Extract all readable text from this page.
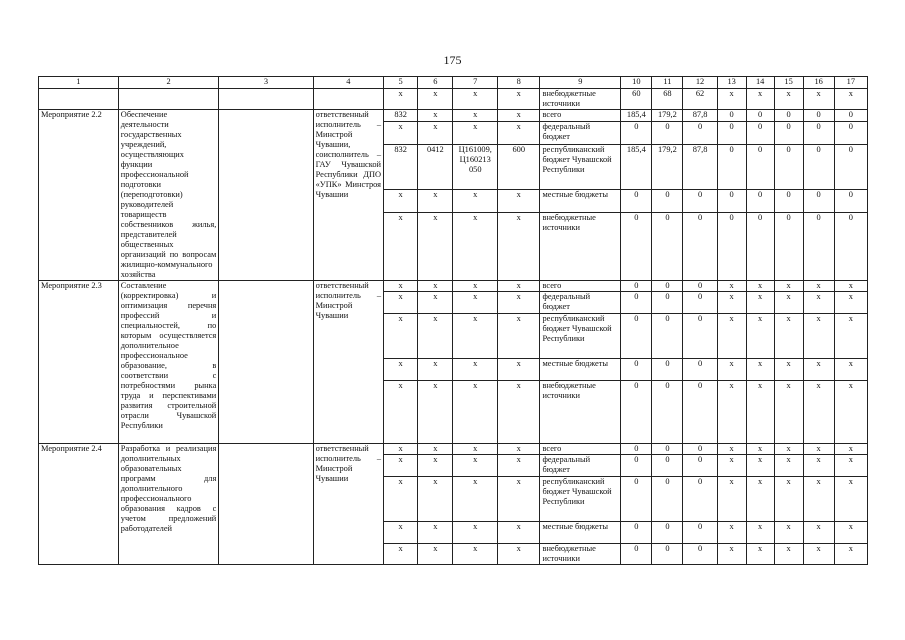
175
1	2	3	4	5	6	7	8	9	10	11	12	13	14	15	16	17
				x	x	x	x	внебюджетные источники	60	68	62	x	x	x	x	x
Мероприятие 2.2	Обеспечение деятельности государственных учреждений, осуществляющих функции профессиональной подготовки (переподготовки) руководителей товариществ собственников жилья, представителей общественных организаций по вопросам жилищно-коммунального хозяйства		ответственный исполнитель – Минстрой Чувашии, соисполнитель – ГАУ Чувашской Республики ДПО «УПК» Минстроя Чувашии	832	x	x	x	всего	185,4	179,2	87,8	0	0	0	0	0
				x	x	x	x	федеральный бюджет	0	0	0	0	0	0	0	0
				832	0412	Ц161009, Ц160213 050	600	республиканский бюджет Чувашской Республики	185,4	179,2	87,8	0	0	0	0	0
				x	x	x	x	местные бюджеты	0	0	0	0	0	0	0	0
				x	x	x	x	внебюджетные источники	0	0	0	0	0	0	0	0
Мероприятие 2.3	Составление (корректировка) и оптимизация перечня профессий и специальностей, по которым осуществляется дополнительное профессиональное образование, в соответствии с потребностями рынка труда и перспективами развития строительной отрасли Чувашской Республики		ответственный исполнитель – Минстрой Чувашии	x	x	x	x	всего	0	0	0	x	x	x	x	x
				x	x	x	x	федеральный бюджет	0	0	0	x	x	x	x	x
				x	x	x	x	республиканский бюджет Чувашской Республики	0	0	0	x	x	x	x	x
				x	x	x	x	местные бюджеты	0	0	0	x	x	x	x	x
				x	x	x	x	внебюджетные источники	0	0	0	x	x	x	x	x
Мероприятие 2.4	Разработка и реализация дополнительных образовательных программ для дополнительного профессионального образования кадров с учетом предложений работодателей		ответственный исполнитель – Минстрой Чувашии	x	x	x	x	всего	0	0	0	x	x	x	x	x
				x	x	x	x	федеральный бюджет	0	0	0	x	x	x	x	x
				x	x	x	x	республиканский бюджет Чувашской Республики	0	0	0	x	x	x	x	x
				x	x	x	x	местные бюджеты	0	0	0	x	x	x	x	x
				x	x	x	x	внебюджетные источники	0	0	0	x	x	x	x	x
